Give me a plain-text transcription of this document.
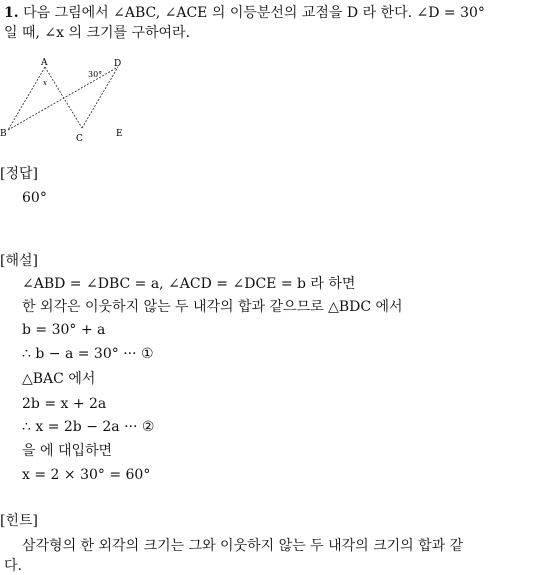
1. 다음 그림에서 ∠ABC, ∠ACE 의 이등분선의 교점을 D 라 한다. ∠D = 30°
일 때, ∠x 의 크기를 구하여라.
A
B	C
D
E
30°
x
[정답]
60°
[해설]
∠ABD = ∠DBC = a, ∠ACD = ∠DCE = b 라 하면
한 외각은 이웃하지 않는 두 내각의 합과 같으므로 △BDC 에서
b = 30° + a
∴ b − a = 30° ··· ①
△BAC 에서
2b = x + 2a
∴ x = 2b − 2a ··· ②
을 에 대입하면
x = 2 × 30° = 60°
[힌트]
삼각형의 한 외각의 크기는 그와 이웃하지 않는 두 내각의 크기의 합과 같
다.
